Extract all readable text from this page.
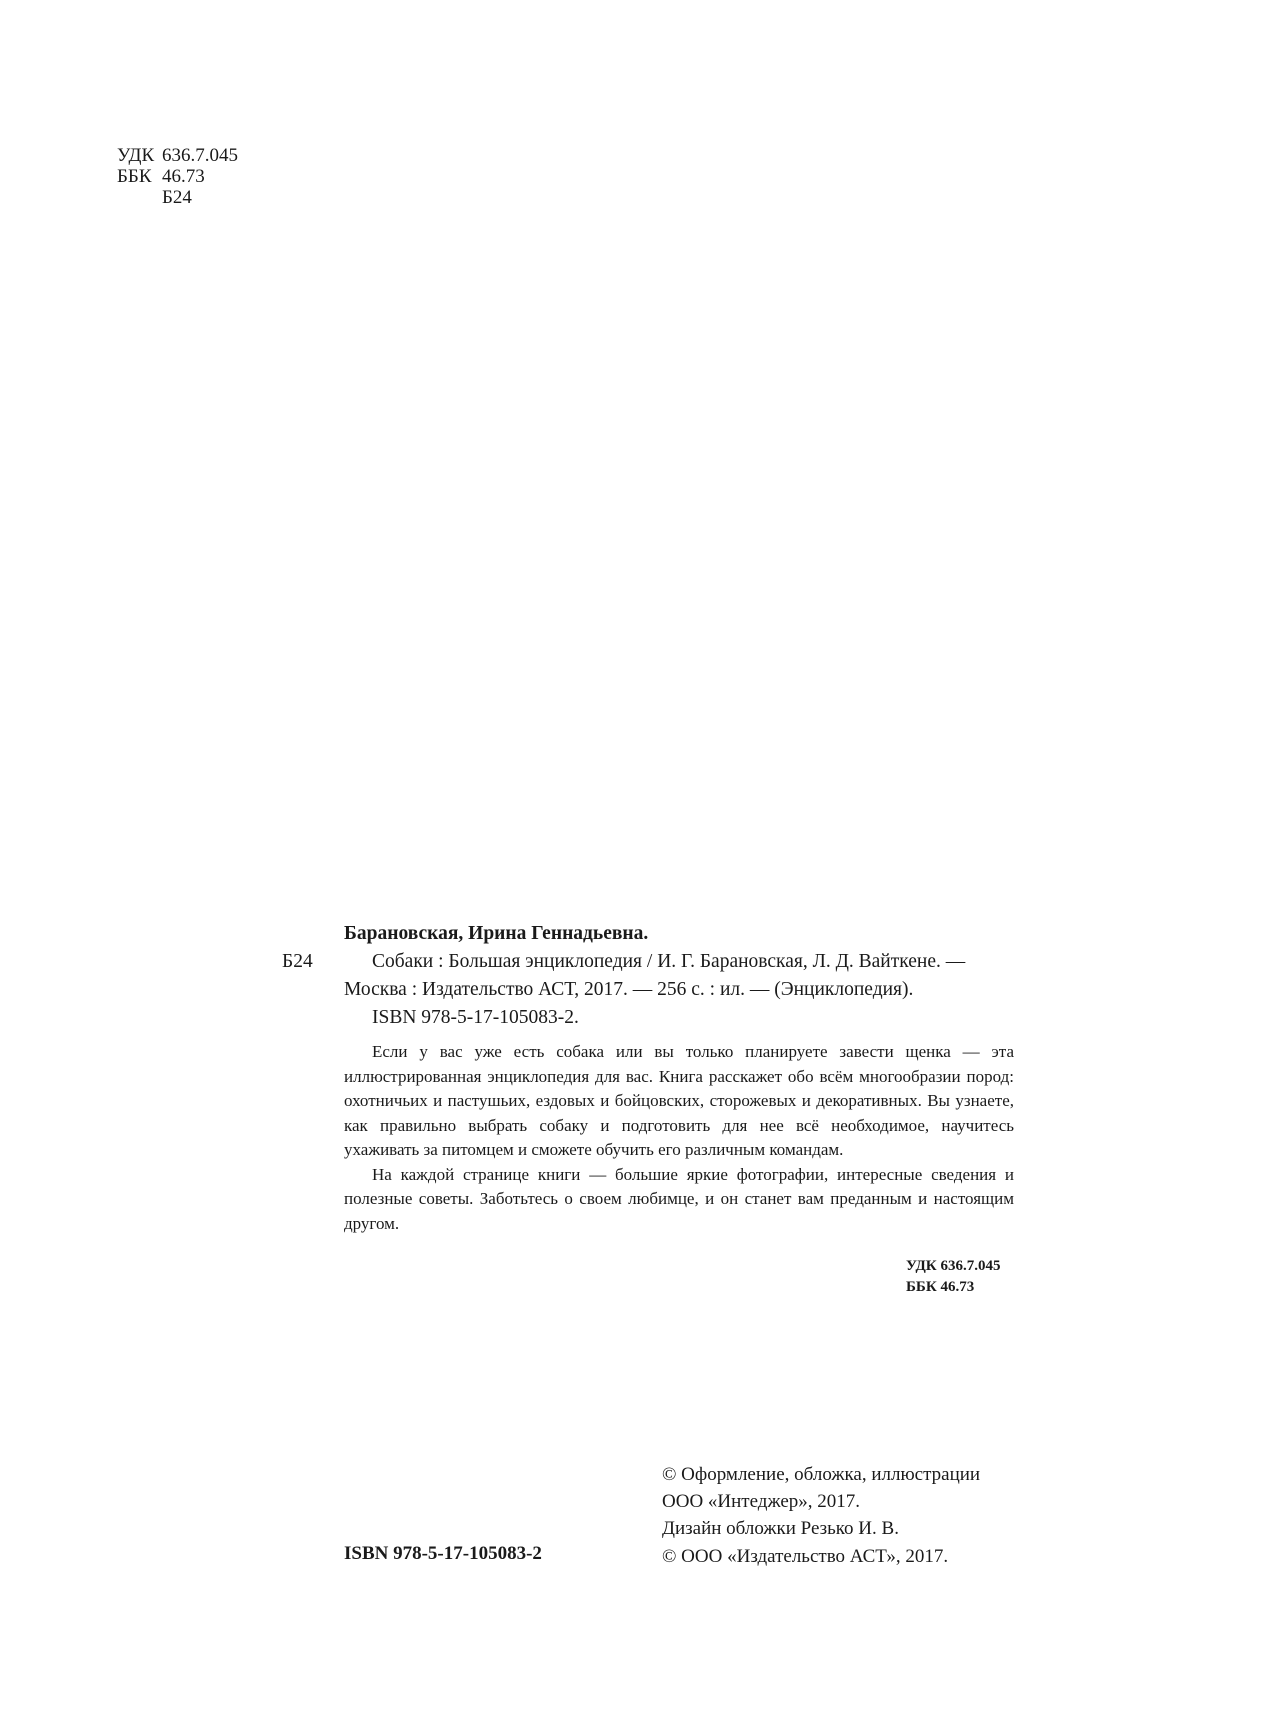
УДК 636.7.045
ББК 46.73
Б24
Б24
Барановская, Ирина Геннадьевна.
Собаки : Большая энциклопедия / И. Г. Барановская, Л. Д. Вайткене. —
Москва : Издательство АСТ, 2017. — 256 с. : ил. — (Энциклопедия).
ISBN 978-5-17-105083-2.

Если у вас уже есть собака или вы только планируете завести щенка — эта иллюстрированная энциклопедия для вас. Книга расскажет обо всём многообразии пород: охотничьих и пастушьих, ездовых и бойцовских, сторожевых и декоративных. Вы узнаете, как правильно выбрать собаку и подготовить для нее всё необходимое, научитесь ухаживать за питомцем и сможете обучить его различным командам.

На каждой странице книги — большие яркие фотографии, интересные сведения и полезные советы. Заботьтесь о своем любимце, и он станет вам преданным и настоящим другом.

УДК 636.7.045
ББК 46.73
© Оформление, обложка, иллюстрации
ООО «Интеджер», 2017.
Дизайн обложки Резько И. В.
© ООО «Издательство АСТ», 2017.
ISBN 978-5-17-105083-2
